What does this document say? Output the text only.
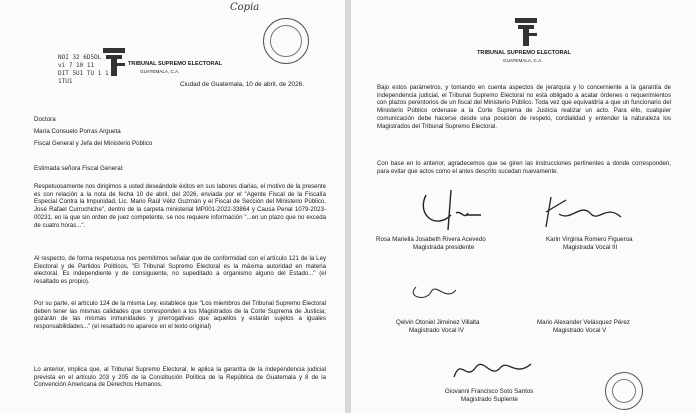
TRIBUNAL SUPREMO ELECTORAL
GUATEMALA, C.A.
Copia
NOI 32 6D5DL
vi 7 10 11
DIT 5U1 TU 1 1 I
1TU1	Ciudad de Guatemala, 10 de abril, de 2026.
Doctora
María Consuelo Porras Argueta
Fiscal General y Jefa del Ministerio Público
Estimada señora Fiscal General:
Respetuosamente nos dirigimos a usted deseándole éxitos en sus labores diarias, el motivo de la presente es con relación a la nota de fecha 10 de abril, del 2026, enviada por el "Agente Fiscal de la Fiscalía Especial Contra la Impunidad, Lic. Mario Raúl Véliz Guzmán y el Fiscal de Sección del Ministerio Público, José Rafael Curruchiche", dentro de la carpeta ministerial MP001-2022-33864 y Causa Penal 1079-2023-00231, en la que sin orden de juez competente, se nos requiere información "...en un plazo que no exceda de cuatro horas...".
Al respecto, de forma respetuosa nos permitimos señalar que de conformidad con el artículo 121 de la Ley Electoral y de Partidos Políticos, "El Tribunal Supremo Electoral es la máxima autoridad en materia electoral. Es independiente y de consiguiente, no supeditado a organismo alguno del Estado..." (el resaltado es propio).
Por su parte, el artículo 124 de la misma Ley, establece que "Los miembros del Tribunal Supremo Electoral deben tener las mismas calidades que corresponden a los Magistrados de la Corte Suprema de Justicia; gozarán de las mismas inmunidades y prerrogativas que aquellos y estarán sujetos a iguales responsabilidades..." (el resaltado no aparece en el texto original)
Lo anterior, implica que, al Tribunal Supremo Electoral, le aplica la garantía de la independencia judicial prevista en el artículo 203 y 205 de la Constitución Política de la República de Guatemala y 8 de la Convención Americana de Derechos Humanos.
TRIBUNAL SUPREMO ELECTORAL
GUATEMALA, C.A.
Bajo estos parámetros, y tomando en cuenta aspectos de jerarquía y lo concerniente a la garantía de independencia judicial, el Tribunal Supremo Electoral no está obligado a acatar órdenes o requerimientos con plazos perentorios de un fiscal del Ministerio Público. Toda vez que equivaldría a que un funcionario del Ministerio Público ordenase a la Corte Suprema de Justicia realizar un acto. Para ello, cualquier comunicación debe hacerse desde una posición de respeto, cordialidad y entender la naturaleza los Magistrados del Tribunal Supremo Electoral.
Con base en lo anterior, agradecemos que se giren las instrucciones pertinentes a donde corresponden, para evitar que actos como el antes descrito sucedan nuevamente.
Rosa Mariella Josabeth Rivera Acevedo
Magistrada presidente
Karin Virginia Romero Figueroa
Magistrada Vocal III
Qelvin Otoniel Jiménez Villalta
Magistrado Vocal IV
Mario Alexander Velásquez Pérez
Magistrado Vocal V
Giovanni Francisco Soto Santos
Magistrado Suplente
